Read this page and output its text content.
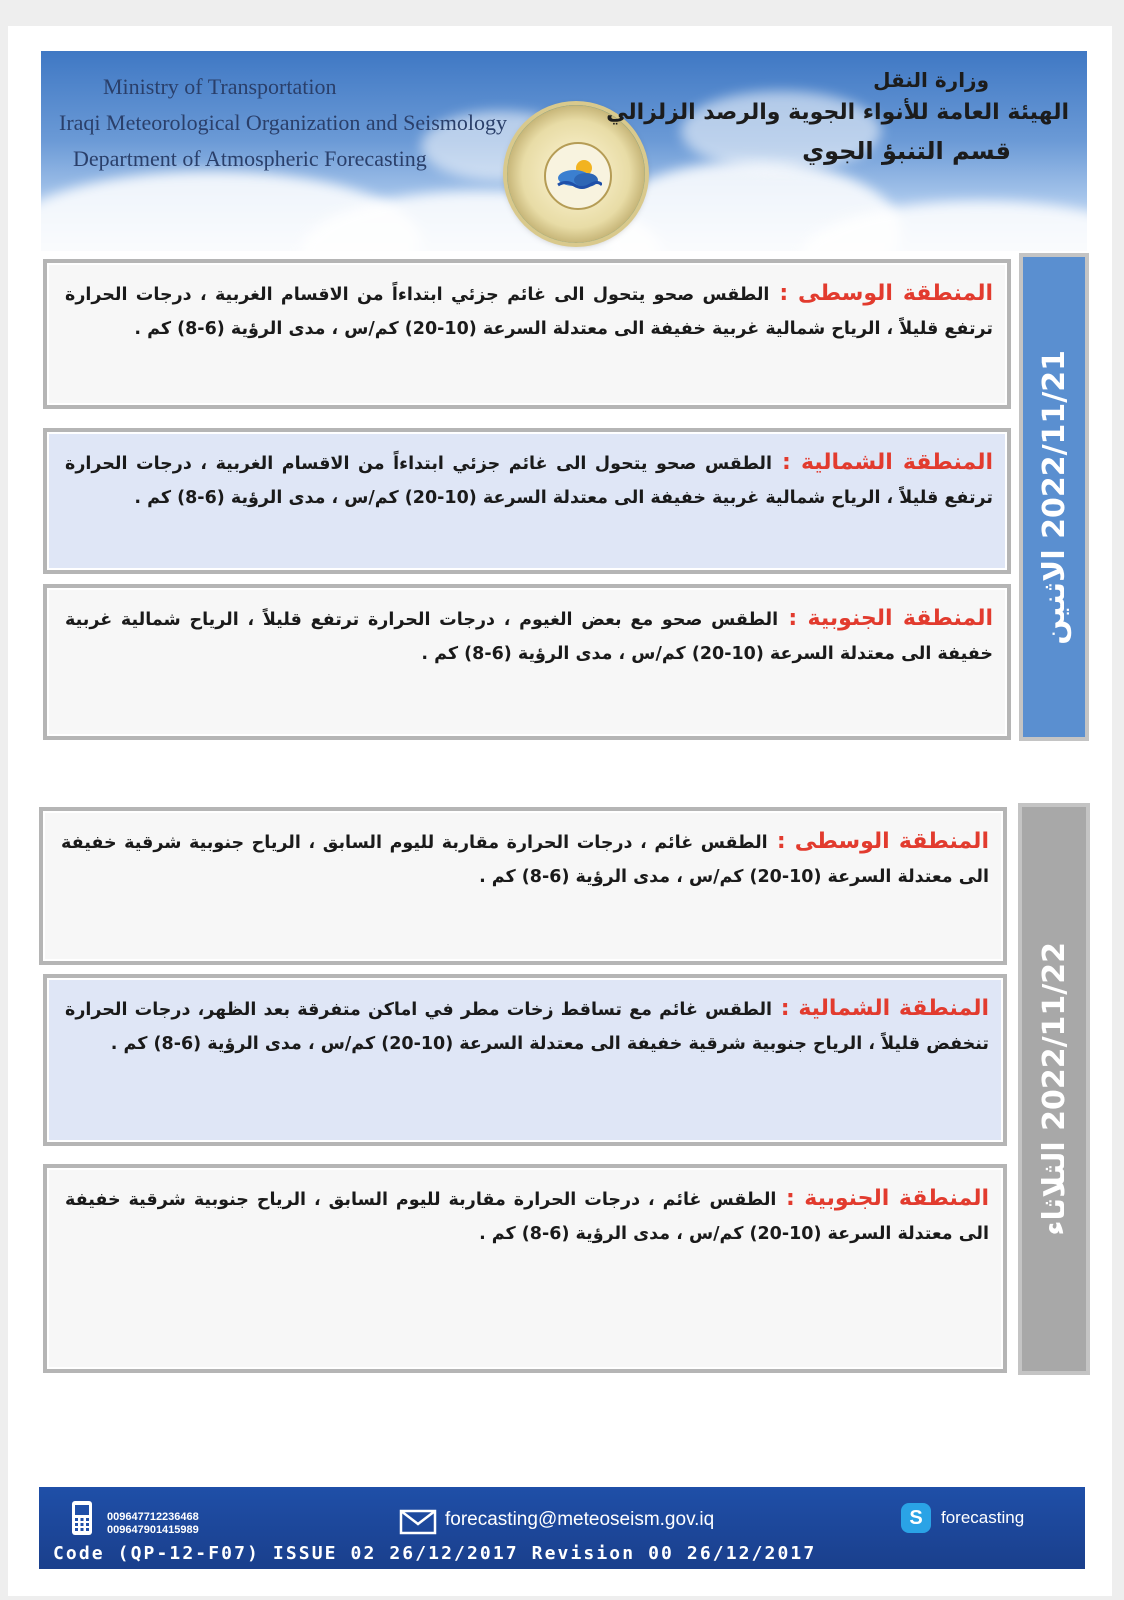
Ministry of Transportation
Iraqi Meteorological Organization and Seismology
Department of Atmospheric Forecasting
وزارة النقل
الهيئة العامة للأنواء الجوية والرصد الزلزالي
قسم التنبؤ الجوي
2022/11/21 الاثنين
المنطقة الوسطى : الطقس صحو يتحول الى غائم جزئي ابتداءاً من الاقسام الغربية ، درجات الحرارة ترتفع قليلاً ، الرياح شمالية غربية خفيفة الى معتدلة السرعة (10-20) كم/س ، مدى الرؤية (6-8) كم .
المنطقة الشمالية : الطقس صحو يتحول الى غائم جزئي ابتداءاً من الاقسام الغربية ، درجات الحرارة ترتفع قليلاً ، الرياح شمالية غربية خفيفة الى معتدلة السرعة (10-20) كم/س ، مدى الرؤية (6-8) كم .
المنطقة الجنوبية : الطقس صحو مع بعض الغيوم ، درجات الحرارة ترتفع قليلاً ، الرياح شمالية غربية خفيفة الى معتدلة السرعة (10-20) كم/س ، مدى الرؤية (6-8) كم .
2022/11/22 الثلاثاء
المنطقة الوسطى : الطقس غائم ، درجات الحرارة مقاربة لليوم السابق ، الرياح جنوبية شرقية خفيفة الى معتدلة السرعة (10-20) كم/س ، مدى الرؤية (6-8) كم .
المنطقة الشمالية : الطقس غائم مع تساقط زخات مطر في اماكن متفرقة بعد الظهر، درجات الحرارة تنخفض قليلاً ، الرياح جنوبية شرقية خفيفة الى معتدلة السرعة (10-20) كم/س ، مدى الرؤية (6-8) كم .
المنطقة الجنوبية : الطقس غائم ، درجات الحرارة مقاربة لليوم السابق ، الرياح جنوبية شرقية خفيفة الى معتدلة السرعة (10-20) كم/س ، مدى الرؤية (6-8) كم .
009647712236468
009647901415989	forecasting@meteoseism.gov.iq	S	forecasting
Code (QP-12-F07) ISSUE 02 26/12/2017 Revision 00 26/12/2017
